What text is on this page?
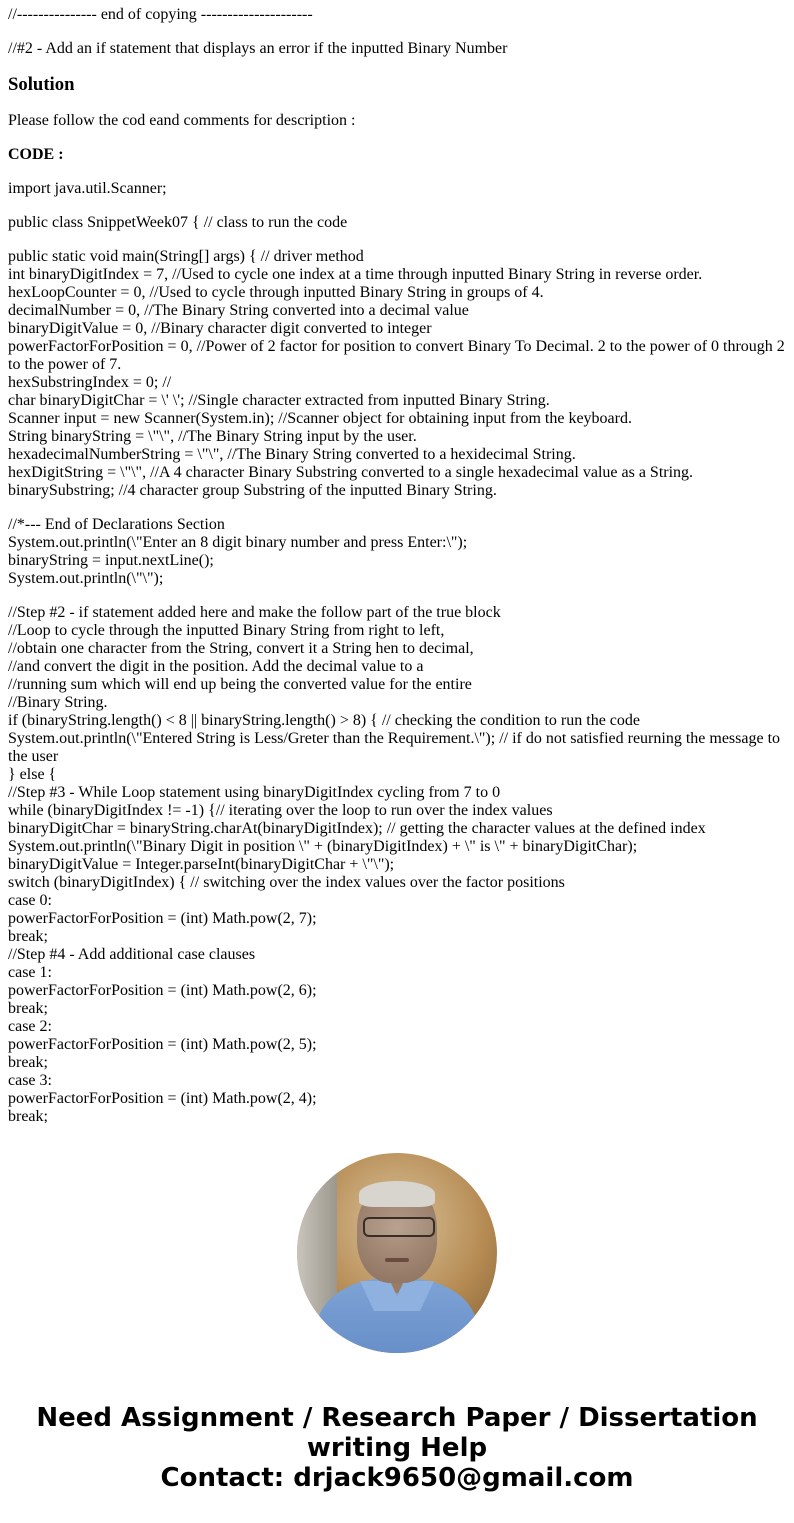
//--------------- end of copying ---------------------

//#2 - Add an if statement that displays an error if the inputted Binary Number

Solution

Please follow the cod eand comments for description :

CODE :

import java.util.Scanner;

public class SnippetWeek07 { // class to run the code

public static void main(String[] args) { // driver method
int binaryDigitIndex = 7, //Used to cycle one index at a time through inputted Binary String in reverse order.
hexLoopCounter = 0, //Used to cycle through inputted Binary String in groups of 4.
decimalNumber = 0, //The Binary String converted into a decimal value
binaryDigitValue = 0, //Binary character digit converted to integer
powerFactorForPosition = 0, //Power of 2 factor for position to convert Binary To Decimal. 2 to the power of 0 through 2 to the power of 7.
hexSubstringIndex = 0; //
char binaryDigitChar = \' \'; //Single character extracted from inputted Binary String.
Scanner input = new Scanner(System.in); //Scanner object for obtaining input from the keyboard.
String binaryString = \"\", //The Binary String input by the user.
hexadecimalNumberString = \"\", //The Binary String converted to a hexidecimal String.
hexDigitString = \"\", //A 4 character Binary Substring converted to a single hexadecimal value as a String.
binarySubstring; //4 character group Substring of the inputted Binary String.

//*--- End of Declarations Section
System.out.println(\"Enter an 8 digit binary number and press Enter:\");
binaryString = input.nextLine();
System.out.println(\"\");

//Step #2 - if statement added here and make the follow part of the true block
//Loop to cycle through the inputted Binary String from right to left,
//obtain one character from the String, convert it a String hen to decimal,
//and convert the digit in the position. Add the decimal value to a
//running sum which will end up being the converted value for the entire
//Binary String.
if (binaryString.length() < 8 || binaryString.length() > 8) { // checking the condition to run the code
System.out.println(\"Entered String is Less/Greter than the Requirement.\"); // if do not satisfied reurning the message to the user
} else {
//Step #3 - While Loop statement using binaryDigitIndex cycling from 7 to 0
while (binaryDigitIndex != -1) {// iterating over the loop to run over the index values
binaryDigitChar = binaryString.charAt(binaryDigitIndex); // getting the character values at the defined index
System.out.println(\"Binary Digit in position \" + (binaryDigitIndex) + \" is \" + binaryDigitChar);
binaryDigitValue = Integer.parseInt(binaryDigitChar + \"\");
switch (binaryDigitIndex) { // switching over the index values over the factor positions
case 0:
powerFactorForPosition = (int) Math.pow(2, 7);
break;
//Step #4 - Add additional case clauses
case 1:
powerFactorForPosition = (int) Math.pow(2, 6);
break;
case 2:
powerFactorForPosition = (int) Math.pow(2, 5);
break;
case 3:
powerFactorForPosition = (int) Math.pow(2, 4);
break;

Need Assignment / Research Paper / Dissertation
writing Help
Contact: drjack9650@gmail.com
